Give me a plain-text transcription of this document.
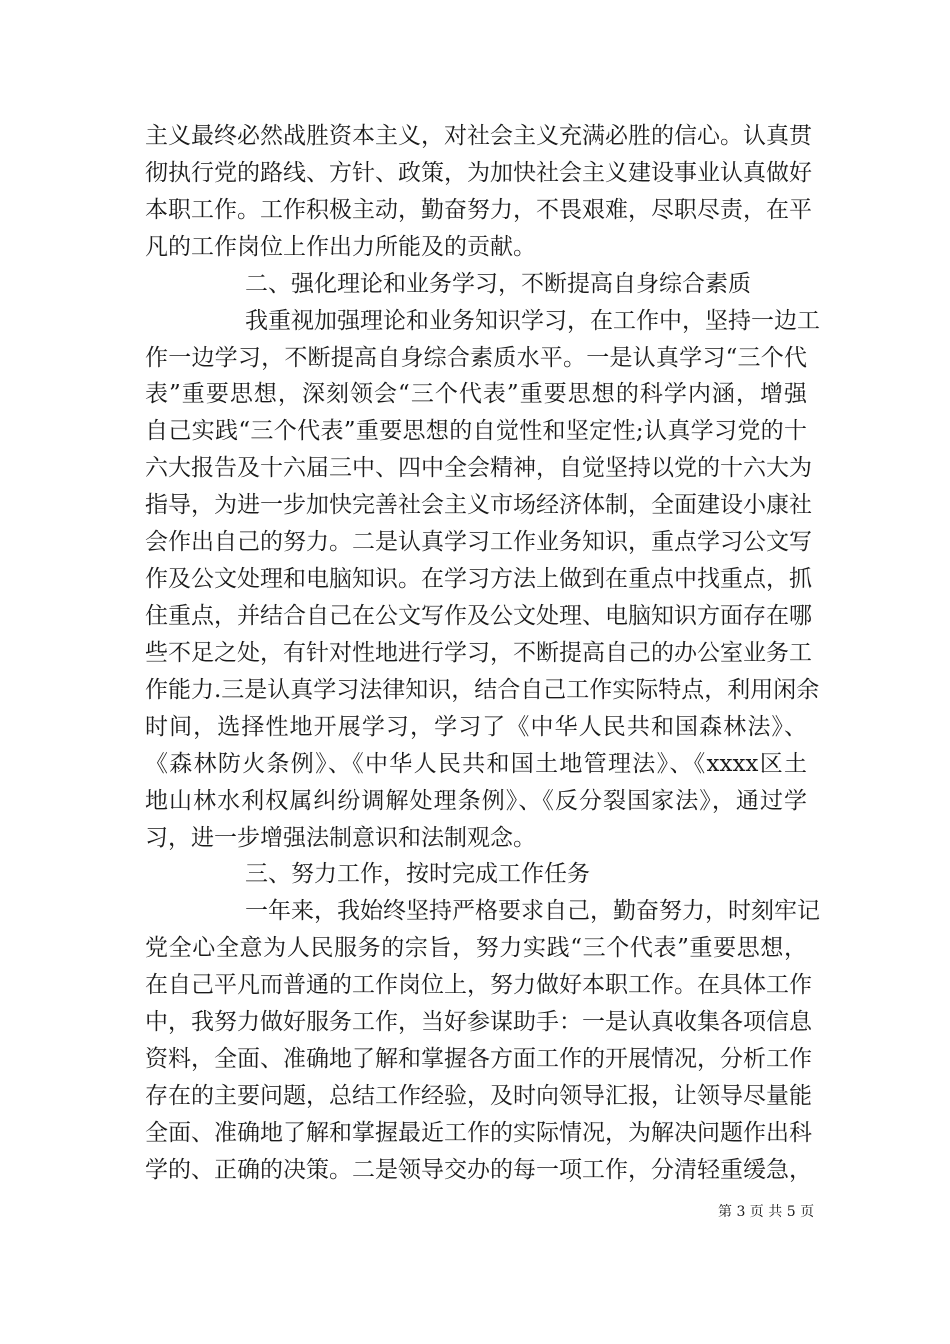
主义最终必然战胜资本主义，对社会主义充满必胜的信心。认真贯
彻执行党的路线、方针、政策，为加快社会主义建设事业认真做好
本职工作。工作积极主动，勤奋努力，不畏艰难，尽职尽责，在平
凡的工作岗位上作出力所能及的贡献。
二、强化理论和业务学习，不断提高自身综合素质
我重视加强理论和业务知识学习，在工作中，坚持一边工
作一边学习，不断提高自身综合素质水平。一是认真学习“三个代
表”重要思想，深刻领会“三个代表”重要思想的科学内涵，增强
自己实践“三个代表”重要思想的自觉性和坚定性;认真学习党的十
六大报告及十六届三中、四中全会精神，自觉坚持以党的十六大为
指导，为进一步加快完善社会主义市场经济体制，全面建设小康社
会作出自己的努力。二是认真学习工作业务知识，重点学习公文写
作及公文处理和电脑知识。在学习方法上做到在重点中找重点，抓
住重点，并结合自己在公文写作及公文处理、电脑知识方面存在哪
些不足之处，有针对性地进行学习，不断提高自己的办公室业务工
作能力.三是认真学习法律知识，结合自己工作实际特点，利用闲余
时间，选择性地开展学习，学习了《中华人民共和国森林法》、
《森林防火条例》、《中华人民共和国土地管理法》、《xxxx区土
地山林水利权属纠纷调解处理条例》、《反分裂国家法》，通过学
习，进一步增强法制意识和法制观念。
三、努力工作，按时完成工作任务
一年来，我始终坚持严格要求自己，勤奋努力，时刻牢记
党全心全意为人民服务的宗旨，努力实践“三个代表”重要思想，
在自己平凡而普通的工作岗位上，努力做好本职工作。在具体工作
中，我努力做好服务工作，当好参谋助手：一是认真收集各项信息
资料，全面、准确地了解和掌握各方面工作的开展情况，分析工作
存在的主要问题，总结工作经验，及时向领导汇报，让领导尽量能
全面、准确地了解和掌握最近工作的实际情况，为解决问题作出科
学的、正确的决策。二是领导交办的每一项工作，分清轻重缓急，
第 3 页 共 5 页
